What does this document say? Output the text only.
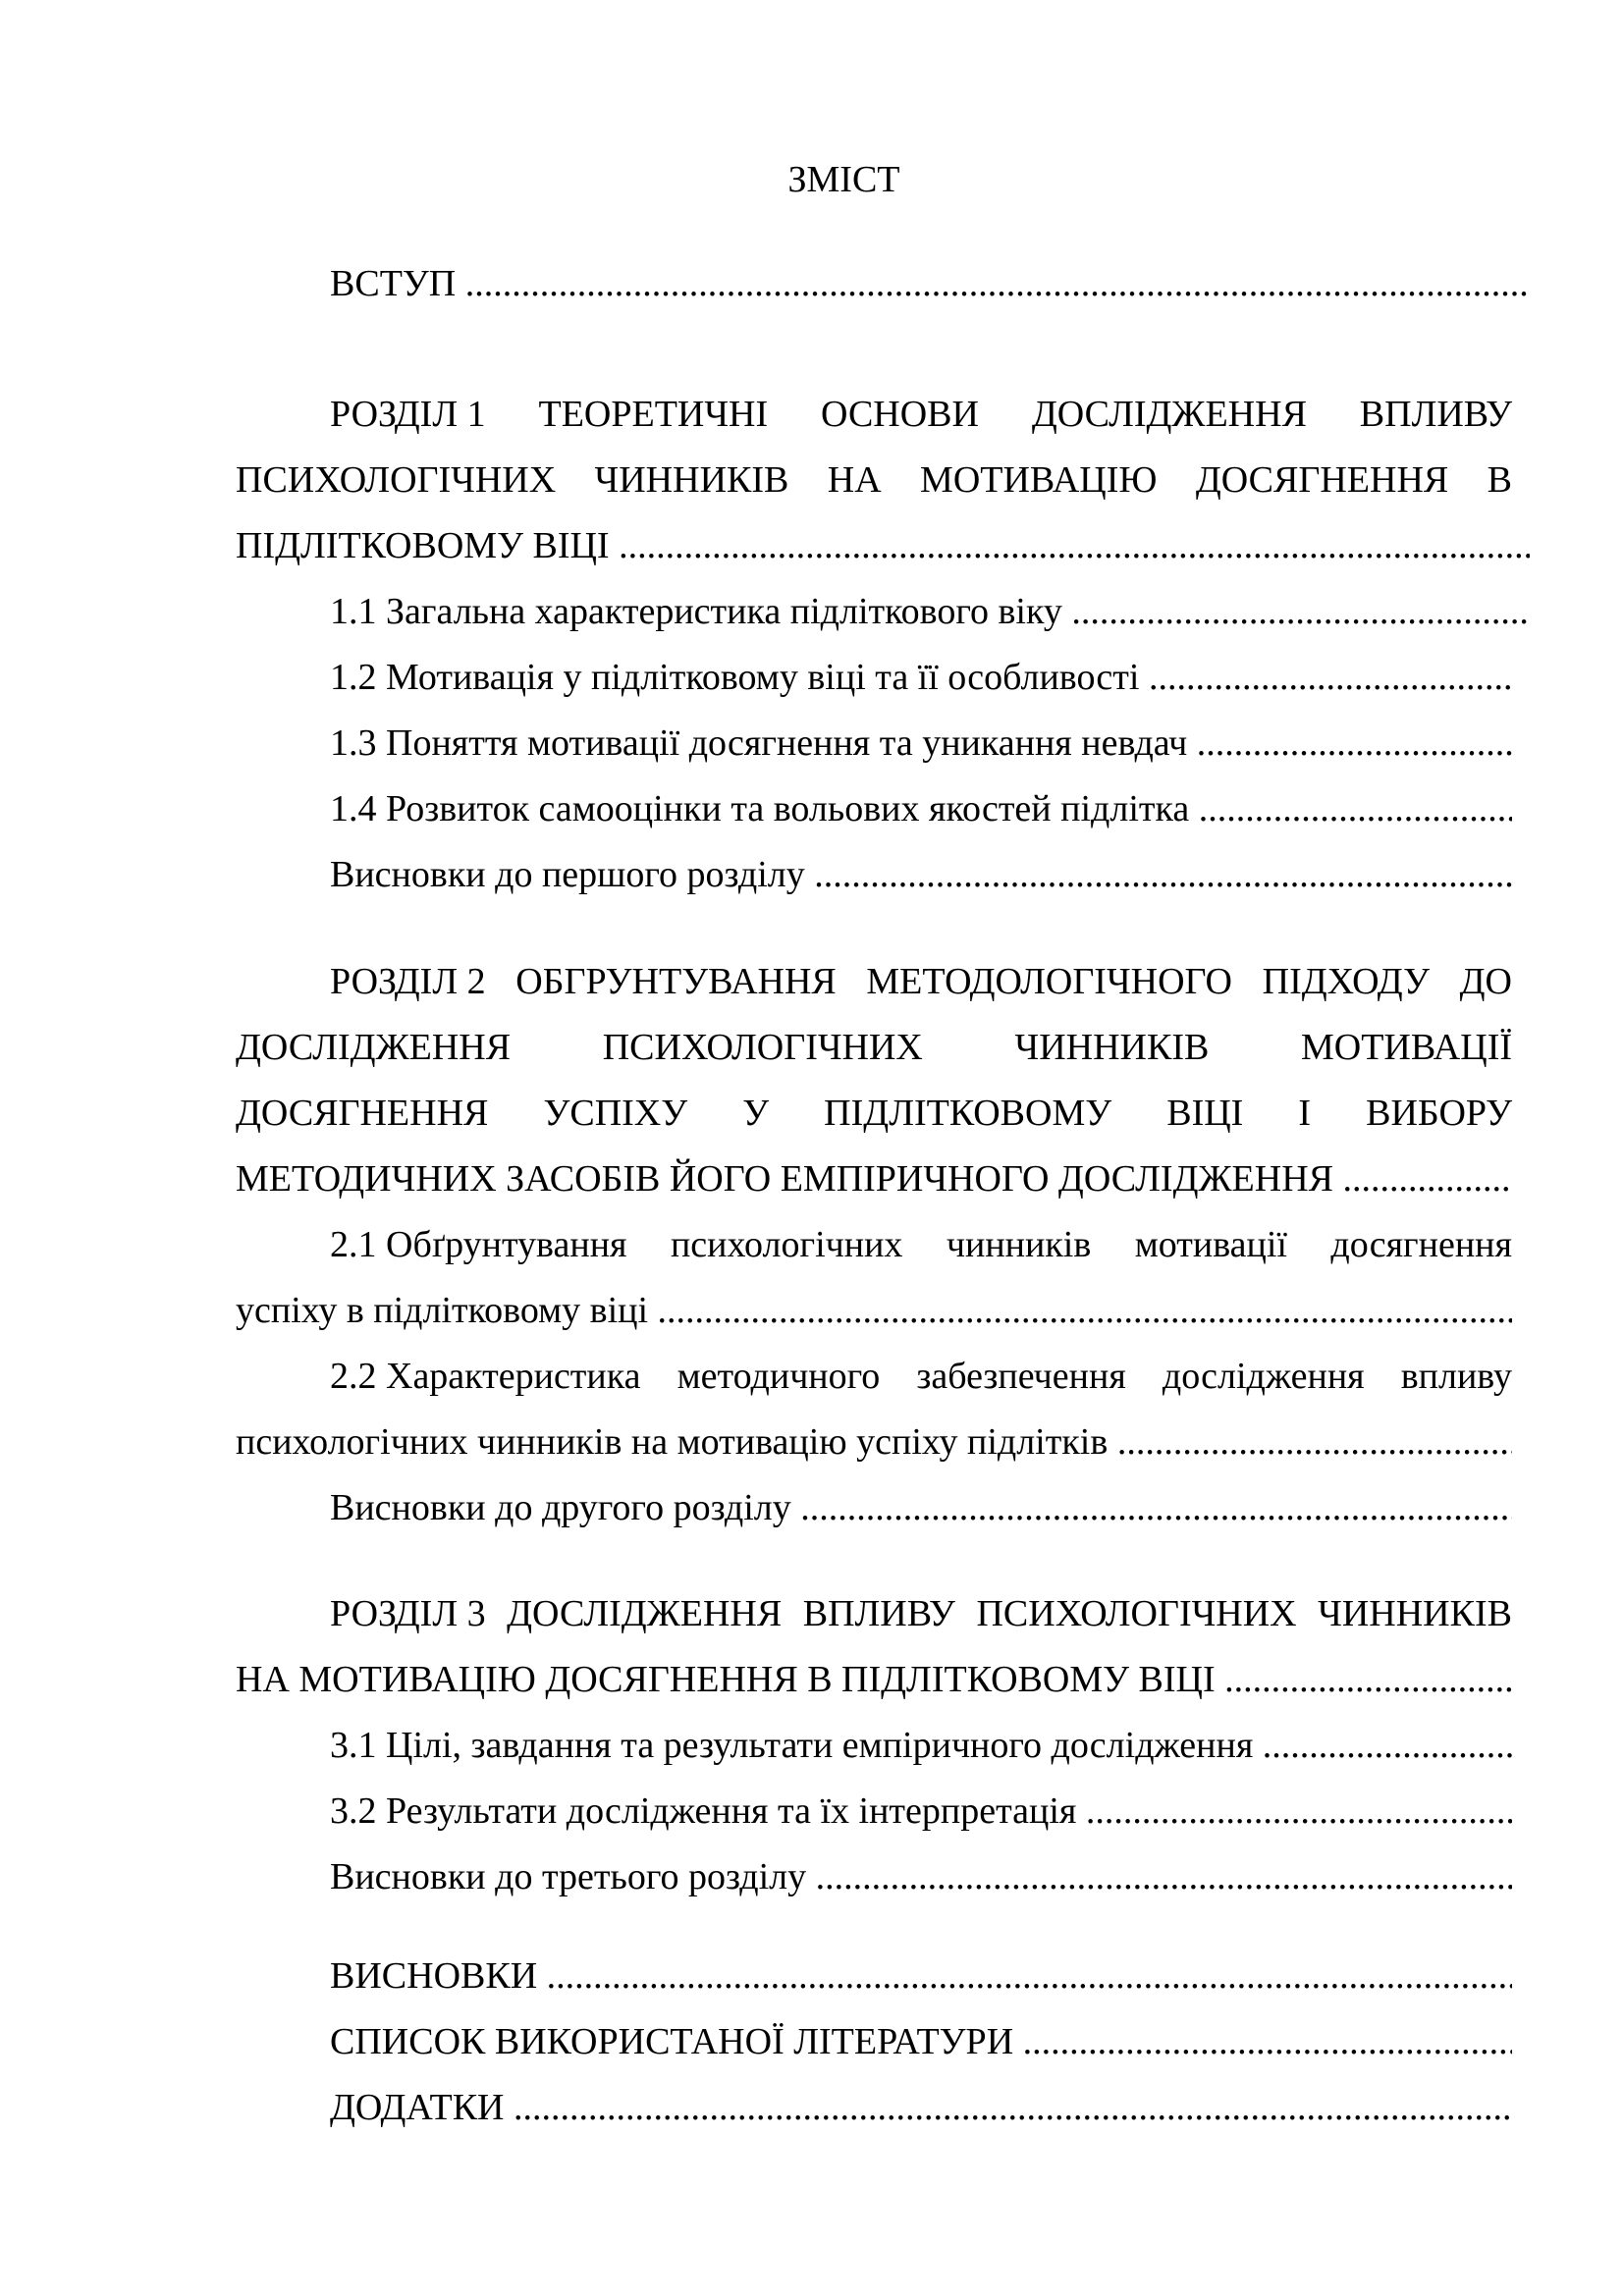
ЗМІСТ
ВСТУП .....
РОЗДІЛ 1 ТЕОРЕТИЧНІ ОСНОВИ ДОСЛІДЖЕННЯ ВПЛИВУ
ПСИХОЛОГІЧНИХ ЧИННИКІВ НА МОТИВАЦІЮ ДОСЯГНЕННЯ В
ПІДЛІТКОВОМУ ВІЦІ .....
1.1 Загальна характеристика підліткового віку .....
1.2 Мотивація у підлітковому віці та її особливості .....
1.3 Поняття мотивації досягнення та уникання невдач .....
1.4 Розвиток самооцінки та вольових якостей підлітка .....
Висновки до першого розділу .....
РОЗДІЛ 2 ОБГРУНТУВАННЯ МЕТОДОЛОГІЧНОГО ПІДХОДУ ДО
ДОСЛІДЖЕННЯ ПСИХОЛОГІЧНИХ ЧИННИКІВ МОТИВАЦІЇ
ДОСЯГНЕННЯ УСПІХУ У ПІДЛІТКОВОМУ ВІЦІ І ВИБОРУ
МЕТОДИЧНИХ ЗАСОБІВ ЙОГО ЕМПІРИЧНОГО ДОСЛІДЖЕННЯ .....
2.1 Обґрунтування психологічних чинників мотивації досягнення
успіху в підлітковому віці .....
2.2 Характеристика методичного забезпечення дослідження впливу
психологічних чинників на мотивацію успіху підлітків .....
Висновки до другого розділу .....
РОЗДІЛ 3 ДОСЛІДЖЕННЯ ВПЛИВУ ПСИХОЛОГІЧНИХ ЧИННИКІВ
НА МОТИВАЦІЮ ДОСЯГНЕННЯ В ПІДЛІТКОВОМУ ВІЦІ .....
3.1 Цілі, завдання та результати емпіричного дослідження .....
3.2 Результати дослідження та їх інтерпретація .....
Висновки до третього розділу .....
ВИСНОВКИ .....
СПИСОК ВИКОРИСТАНОЇ ЛІТЕРАТУРИ .....
ДОДАТКИ .....
